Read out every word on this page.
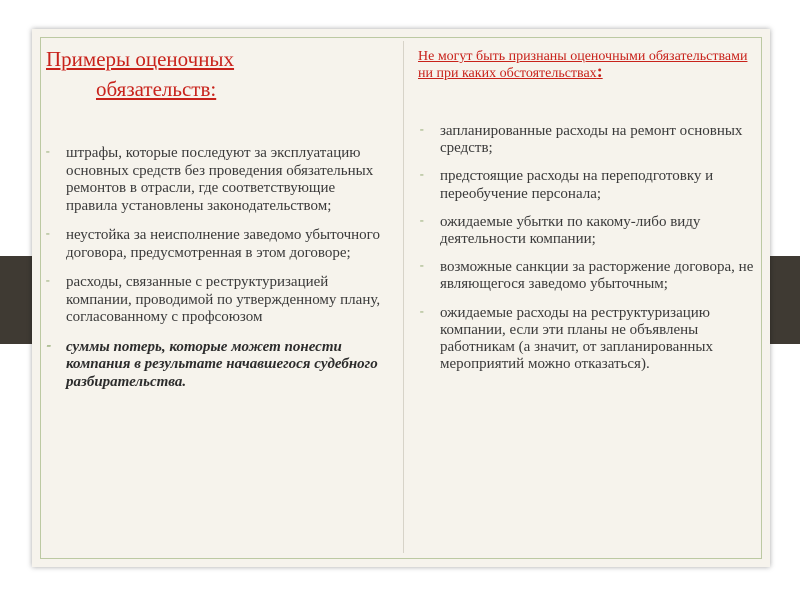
Примеры оценочных
обязательств:
⁃ штрафы, которые последуют за эксплуатацию основных средств без проведения обязательных ремонтов в отрасли, где соответствующие правила установлены законодательством;
⁃ неустойка за неисполнение заведомо убыточного договора, предусмотренная в этом договоре;
⁃ расходы, связанные с реструктуризацией компании, проводимой по утвержденному плану, согласованному с профсоюзом
⁃ суммы потерь, которые может понести компания в результате начавшегося судебного разбирательства.
Не могут быть признаны оценочными обязательствами ни при каких обстоятельствах:
⁃ запланированные расходы на ремонт основных средств;
⁃ предстоящие расходы на переподготовку и переобучение персонала;
⁃ ожидаемые убытки по какому-либо виду деятельности компании;
⁃ возможные санкции за расторжение договора, не являющегося заведомо убыточным;
⁃ ожидаемые расходы на реструктуризацию компании, если эти планы не объявлены работникам (а значит, от запланированных мероприятий можно отказаться).
